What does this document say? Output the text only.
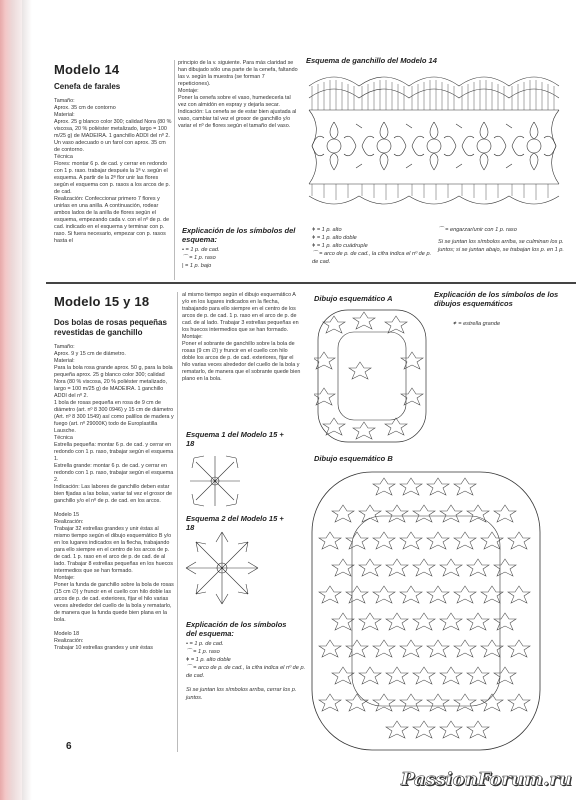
Modelo 14
Cenefa de farales
Tamaño:
Aprox. 35 cm de contorno
Material:
Aprox. 25 g blanco color 300; calidad Nora (80 % viscosa, 20 % poliéster metalizado, largo = 100 m/25 g) de MADEIRA. 1 ganchillo ADDI del nº 2.
Un vaso adecuado o un farol con aprox. 35 cm de contorno.
Técnica
Flores: montar 6 p. de cad. y cerrar en redondo con 1 p. raso. trabajar después la 1ª v. según el esquema. A partir de la 2ª flor unir las flores según el esquema con p. rasos a los arcos de p. de cad.
Realización: Confeccionar primero 7 flores y unirlas en una anilla. A continuación, rodear ambos lados de la anilla de flores según el esquema, empezando cada v. con el nº de p. de cad. indicado en el esquema y terminar con p. raso. Si fuera necesario, empezar con p. rasos hasta el
principio de la v. siguiente. Para más claridad se han dibujado sólo una parte de la cenefa, faltando las v. según la muestra (se forman 7 repeticiones).
Montaje:
Poner la cenefa sobre el vaso, humedecerla tal vez con almidón en espray y dejarla secar.
Indicación: La cenefa se de estar bien ajustada al vaso, cambiar tal vez el grosor de ganchillo y/o variar el nº de flores según el tamaño del vaso.
Esquema de ganchillo del Modelo 14
Explicación de los símbolos del esquema:
• = 1 p. de cad.
⌒ = 1 p. raso
| = 1 p. bajo
ǂ = 1 p. alto
ǂ = 1 p. alto doble
ǂ = 1 p. alto cuádruple
⌒ = arco de p. de cad., la cifra indica el nº de p. de cad.
⌒ = engarzar/unir con 1 p. raso
Si se juntan los símbolos arriba, se culminan los p. juntos; si se juntan abajo, se trabajan los p. en 1 p.
Modelo 15 y 18
Dos bolas de rosas pequeñas revestidas de ganchillo
Tamaño:
Aprox. 9 y 15 cm de diámetro.
Material:
Para la bola rosa grande aprox. 50 g, para la bola pequeña aprox. 25 g blanco color 300; calidad Nora (80 % viscosa, 20 % poliéster metalizado, largo = 100 m/25 g) de MADEIRA. 1 ganchillo ADDI del nº 2.
1 bola de rosas pequeña en rosa de 9 cm de diámetro (art. nº 8 300 0946) y 15 cm de diámetro (Art. nº 8 300 1549) así como palillos de madera y fuego (art. nº 29000K) todo de Europlastilla Lausche.
Técnica
Estrella pequeña: montar 6 p. de cad. y cerrar en redondo con 1 p. raso, trabajar según el esquema 1.
Estrella grande: montar 6 p. de cad. y cerrar en redondo con 1 p. raso, trabajar según el esquema 2.
Indicación: Las labores de ganchillo deben estar bien fijadas a las bolas, variar tal vez el grosor de ganchillo y/o el nº de p. de cad. en los arcos.

Modelo 15
Realización:
Trabajar 32 estrellas grandes y unir éstas al mismo tiempo según el dibujo esquemático B y/o en los lugares indicados en la flecha, trabajando para ello siempre en el centro de los arcos de p. de cad. 1 p. raso en el arco de p. de cad. de al lado. Trabajar 8 estrellas pequeñas en los huecos intermedios que se han formado.
Montaje:
Poner la funda de ganchillo sobre la bola de rosas (15 cm ∅) y fruncir en el cuello con hilo doble las arcos de p. de cad. exteriores, fijar el hilo varias veces alrededor del cuello de la bola y rematarlo, de manera que la funda quede bien plana en la bola.

Modelo 18
Realización:
Trabajar 10 estrellas grandes y unir éstas
al mismo tiempo según el dibujo esquemático A y/o en los lugares indicados en la flecha, trabajando para ello siempre en el centro de los arcos de p. de cad. 1 p. raso en el arco de p. de cad. de al lado. Trabajar 3 estrellas pequeñas en los huecos intermedios que se han formado.
Montaje:
Poner el sobrante de ganchillo sobre la bola de rosas (9 cm ∅) y fruncir en el cuello con hilo doble los arcos de p. de cad. exteriores, fijar el hilo varias veces alrededor del cuello de la bola y rematarlo, de manera que el sobrante quede bien plano en la bola.
Esquema 1 del Modelo 15 + 18
Esquema 2 del Modelo 15 + 18
Explicación de los símbolos del esquema:
• = 1 p. de cad.
⌒ = 1 p. raso
ǂ = 1 p. alto doble
⌒ = arco de p. de cad., la cifra indica el nº de p. de cad.
Si se juntan los símbolos arriba, cerrar los p. juntos.
Dibujo esquemático A	Explicación de los símbolos de los dibujos esquemáticos
✶ = estrella grande
Dibujo esquemático B
6
PassionForum.ru
